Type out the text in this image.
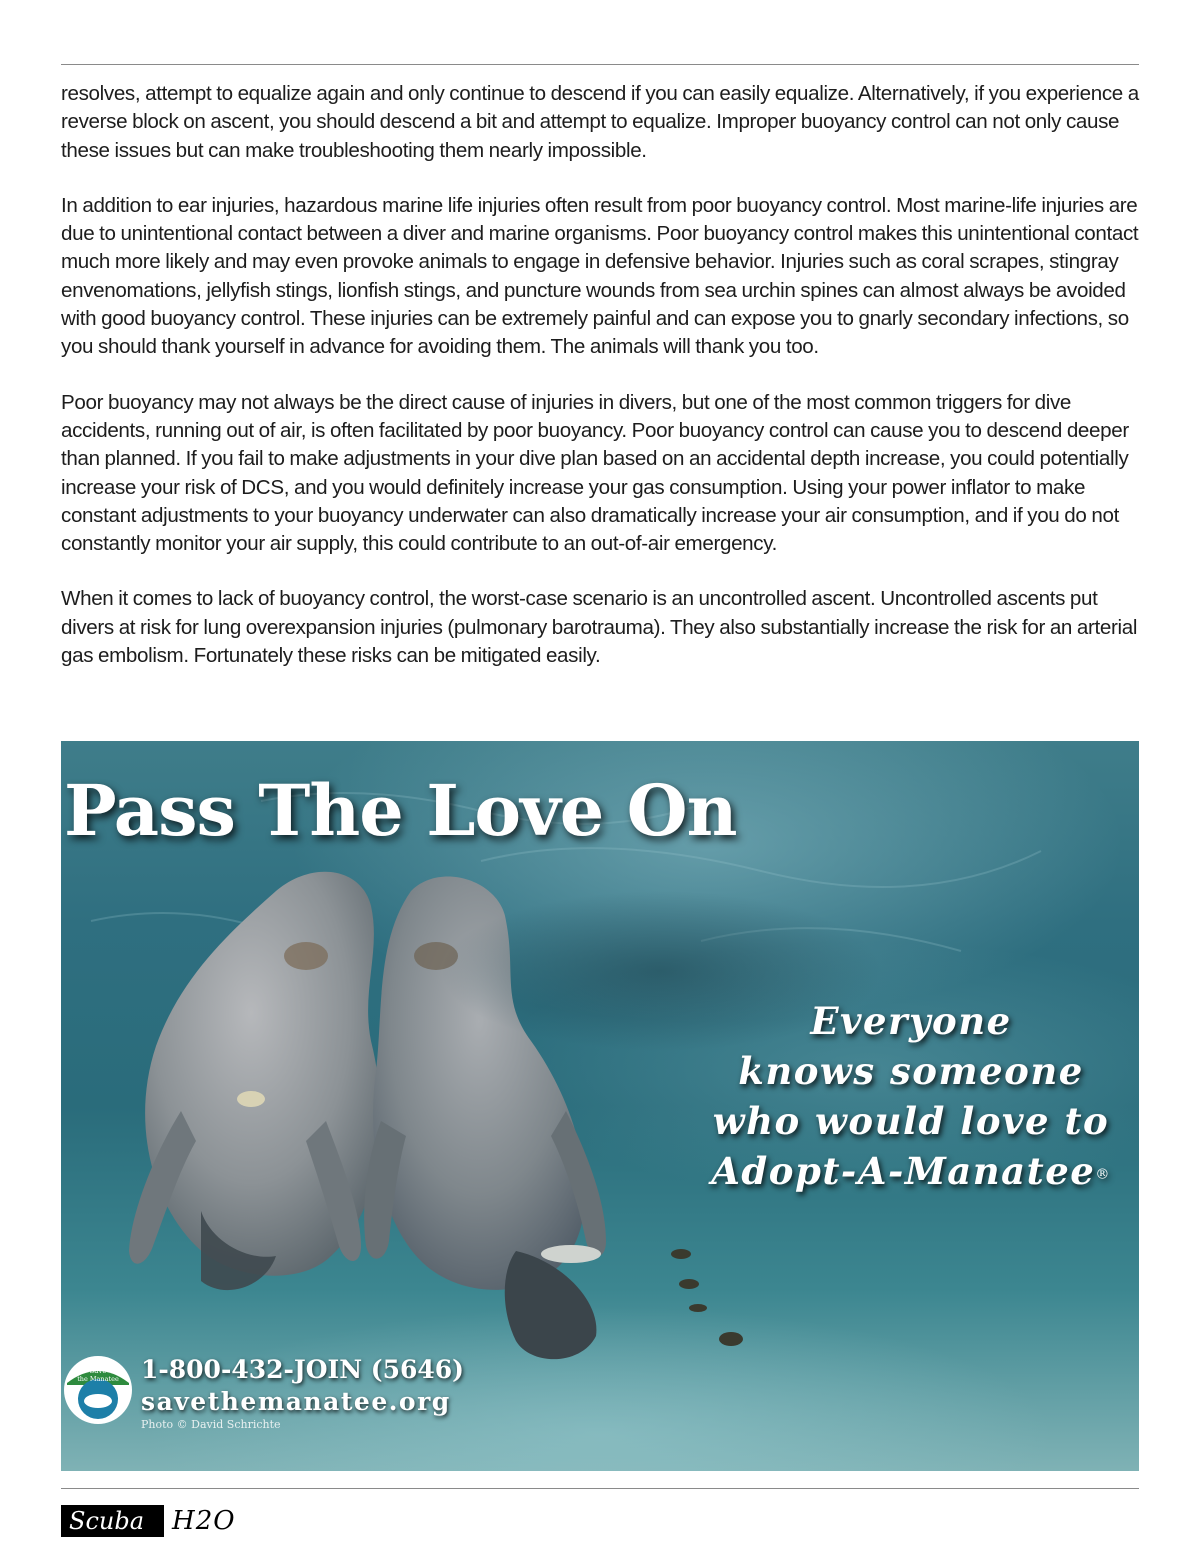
resolves, attempt to equalize again and only continue to descend if you can easily equalize. Alternatively, if you experience a reverse block on ascent, you should descend a bit and attempt to equalize. Improper buoyancy control can not only cause these issues but can make troubleshooting them nearly impossible.

In addition to ear injuries, hazardous marine life injuries often result from poor buoyancy control. Most marine-life injuries are due to unintentional contact between a diver and marine organisms. Poor buoyancy control makes this unintentional contact much more likely and may even provoke animals to engage in defensive behavior. Injuries such as coral scrapes, stingray envenomations, jellyfish stings, lionfish stings, and puncture wounds from sea urchin spines can almost always be avoided with good buoyancy control. These injuries can be extremely painful and can expose you to gnarly secondary infections, so you should thank yourself in advance for avoiding them. The animals will thank you too.

Poor buoyancy may not always be the direct cause of injuries in divers, but one of the most common triggers for dive accidents, running out of air, is often facilitated by poor buoyancy. Poor buoyancy control can cause you to descend deeper than planned. If you fail to make adjustments in your dive plan based on an accidental depth increase, you could potentially increase your risk of DCS, and you would definitely increase your gas consumption. Using your power inflator to make constant adjustments to your buoyancy underwater can also dramatically increase your air consumption, and if you do not constantly monitor your air supply, this could contribute to an out-of-air emergency.

When it comes to lack of buoyancy control, the worst-case scenario is an uncontrolled ascent. Uncontrolled ascents put divers at risk for lung overexpansion injuries (pulmonary barotrauma). They also substantially increase the risk for an arterial gas embolism. Fortunately these risks can be mitigated easily.

Pass The Love On
Everyone
knows someone
who would love to
Adopt-A-Manatee®
Save
the Manatee 1-800-432-JOIN (5646)
savethemanatee.org
Photo © David Schrichte
Scuba	H2O
